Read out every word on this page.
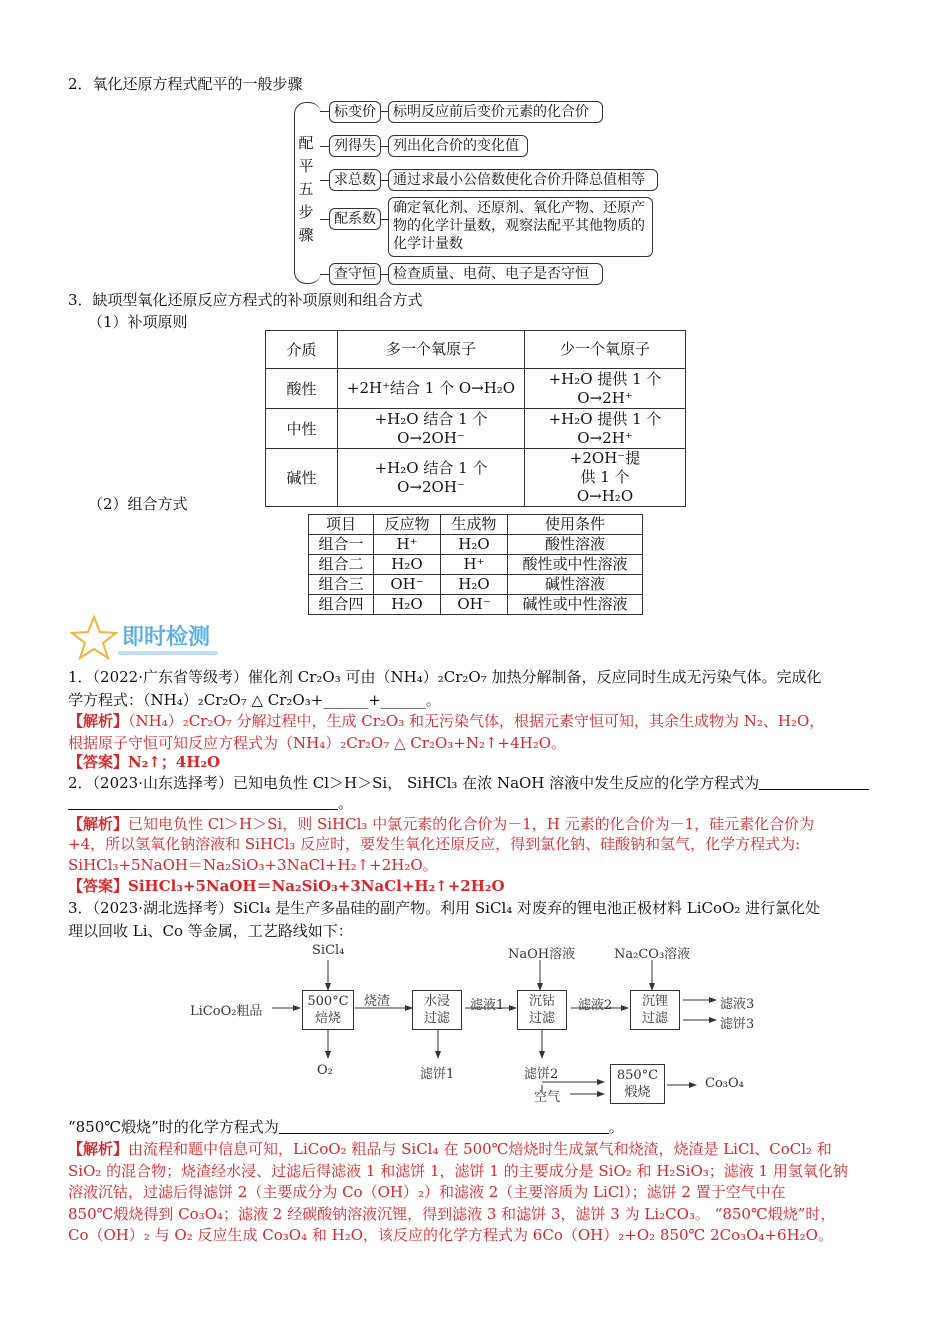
2．氧化还原方程式配平的一般步骤
配
平
五
步
骤
标变价	标明反应前后变价元素的化合价
列得失	列出化合价的变化值
求总数	通过求最小公倍数使化合价升降总值相等
配系数
确定氧化剂、还原剂、氧化产物、还原产物的化学计量数，观察法配平其他物质的化学计量数
查守恒	检查质量、电荷、电子是否守恒
3．缺项型氧化还原反应方程式的补项原则和组合方式
（1）补项原则
介质	多一个氧原子	少一个氧原子
酸性	+2H⁺结合 1 个 O→H₂O	+H₂O 提供 1 个 O→2H⁺
中性	+H₂O 结合 1 个 O→2OH⁻	+H₂O 提供 1 个 O→2H⁺
碱性	+H₂O 结合 1 个 O→2OH⁻	+2OH⁻提供 1 个 O→H₂O
（2）组合方式
项目	反应物	生成物	使用条件
组合一	H⁺	H₂O	酸性溶液
组合二	H₂O	H⁺	酸性或中性溶液
组合三	OH⁻	H₂O	碱性溶液
组合四	H₂O	OH⁻	碱性或中性溶液
即时检测
1．（2022·广东省等级考）催化剂 Cr₂O₃ 可由（NH₄）₂Cr₂O₇ 加热分解制备，反应同时生成无污染气体。完成化
学方程式：（NH₄）₂Cr₂O₇ △ Cr₂O₃+______+______。
【解析】（NH₄）₂Cr₂O₇ 分解过程中，生成 Cr₂O₃ 和无污染气体，根据元素守恒可知，其余生成物为 N₂、H₂O，
根据原子守恒可知反应方程式为（NH₄）₂Cr₂O₇ △ Cr₂O₃+N₂↑+4H₂O。
【答案】N₂↑；4H₂O
2．（2023·山东选择考）已知电负性 Cl＞H＞Si， SiHCl₃ 在浓 NaOH 溶液中发生反应的化学方程式为
。
【解析】已知电负性 Cl＞H＞Si，则 SiHCl₃ 中氯元素的化合价为－1，H 元素的化合价为－1，硅元素化合价为
+4，所以氢氧化钠溶液和 SiHCl₃ 反应时，要发生氧化还原反应，得到氯化钠、硅酸钠和氢气，化学方程式为:
SiHCl₃+5NaOH＝Na₂SiO₃+3NaCl+H₂↑+2H₂O。
【答案】SiHCl₃+5NaOH＝Na₂SiO₃+3NaCl+H₂↑+2H₂O
3．（2023·湖北选择考）SiCl₄ 是生产多晶硅的副产物。利用 SiCl₄ 对废弃的锂电池正极材料 LiCoO₂ 进行氯化处
理以回收 Li、Co 等金属，工艺路线如下：
SiCl₄	NaOH溶液	Na₂CO₃溶液
LiCoO₂粗品
500°C
焙烧
烧渣	水浸
过滤
滤液1	沉钴
过滤
滤液2	沉锂
过滤
滤液3
滤饼3
O₂	滤饼1	滤饼2
空气
850°C
煅烧
Co₃O₄
“850℃煅烧”时的化学方程式为	。
【解析】由流程和题中信息可知，LiCoO₂ 粗品与 SiCl₄ 在 500℃焙烧时生成氯气和烧渣，烧渣是 LiCl、CoCl₂ 和
SiO₂ 的混合物；烧渣经水浸、过滤后得滤液 1 和滤饼 1，滤饼 1 的主要成分是 SiO₂ 和 H₂SiO₃；滤液 1 用氢氧化钠
溶液沉钴，过滤后得滤饼 2（主要成分为 Co（OH）₂）和滤液 2（主要溶质为 LiCl）；滤饼 2 置于空气中在
850℃煅烧得到 Co₃O₄；滤液 2 经碳酸钠溶液沉锂，得到滤液 3 和滤饼 3，滤饼 3 为 Li₂CO₃。 “850℃煅烧”时，
Co（OH）₂ 与 O₂ 反应生成 Co₃O₄ 和 H₂O，该反应的化学方程式为 6Co（OH）₂+O₂ 850℃ 2Co₃O₄+6H₂O。
